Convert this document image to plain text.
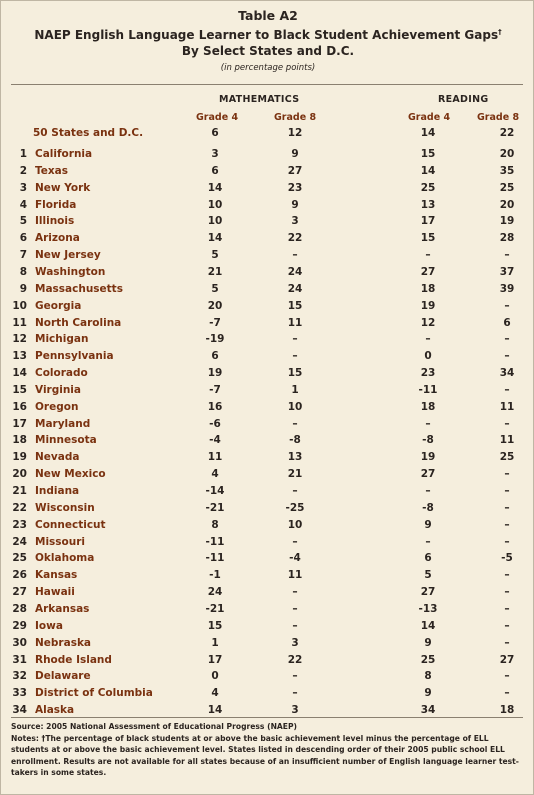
Table A2
NAEP English Language Learner to Black Student Achievement Gaps†
By Select States and D.C.
(in percentage points)
MATHEMATICS	READING
Grade 4	Grade 8	Grade 4	Grade 8
50 States and D.C.	6	12	14	22
1 California	3	9	15	20
2 Texas	6	27	14	35
3 New York	14	23	25	25
4 Florida	10	9	13	20
5 Illinois	10	3	17	19
6 Arizona	14	22	15	28
7 New Jersey	5	–	–	–
8 Washington	21	24	27	37
9 Massachusetts	5	24	18	39
10 Georgia	20	15	19	–
11 North Carolina	-7	11	12	6
12 Michigan	-19	–	–	–
13 Pennsylvania	6	–	0	–
14 Colorado	19	15	23	34
15 Virginia	-7	1	-11	–
16 Oregon	16	10	18	11
17 Maryland	-6	–	–	–
18 Minnesota	-4	-8	-8	11
19 Nevada	11	13	19	25
20 New Mexico	4	21	27	–
21 Indiana	-14	–	–	–
22 Wisconsin	-21	-25	-8	–
23 Connecticut	8	10	9	–
24 Missouri	-11	–	–	–
25 Oklahoma	-11	-4	6	-5
26 Kansas	-1	11	5	–
27 Hawaii	24	–	27	–
28 Arkansas	-21	–	-13	–
29 Iowa	15	–	14	–
30 Nebraska	1	3	9	–
31 Rhode Island	17	22	25	27
32 Delaware	0	–	8	–
33 District of Columbia	4	–	9	–
34 Alaska	14	3	34	18
Source: 2005 National Assessment of Educational Progress (NAEP)
Notes: †The percentage of black students at or above the basic achievement level minus the percentage of ELL students at or above the basic achievement level. States listed in descending order of their 2005 public school ELL enrollment. Results are not available for all states because of an insufficient number of English language learner test-takers in some states.
